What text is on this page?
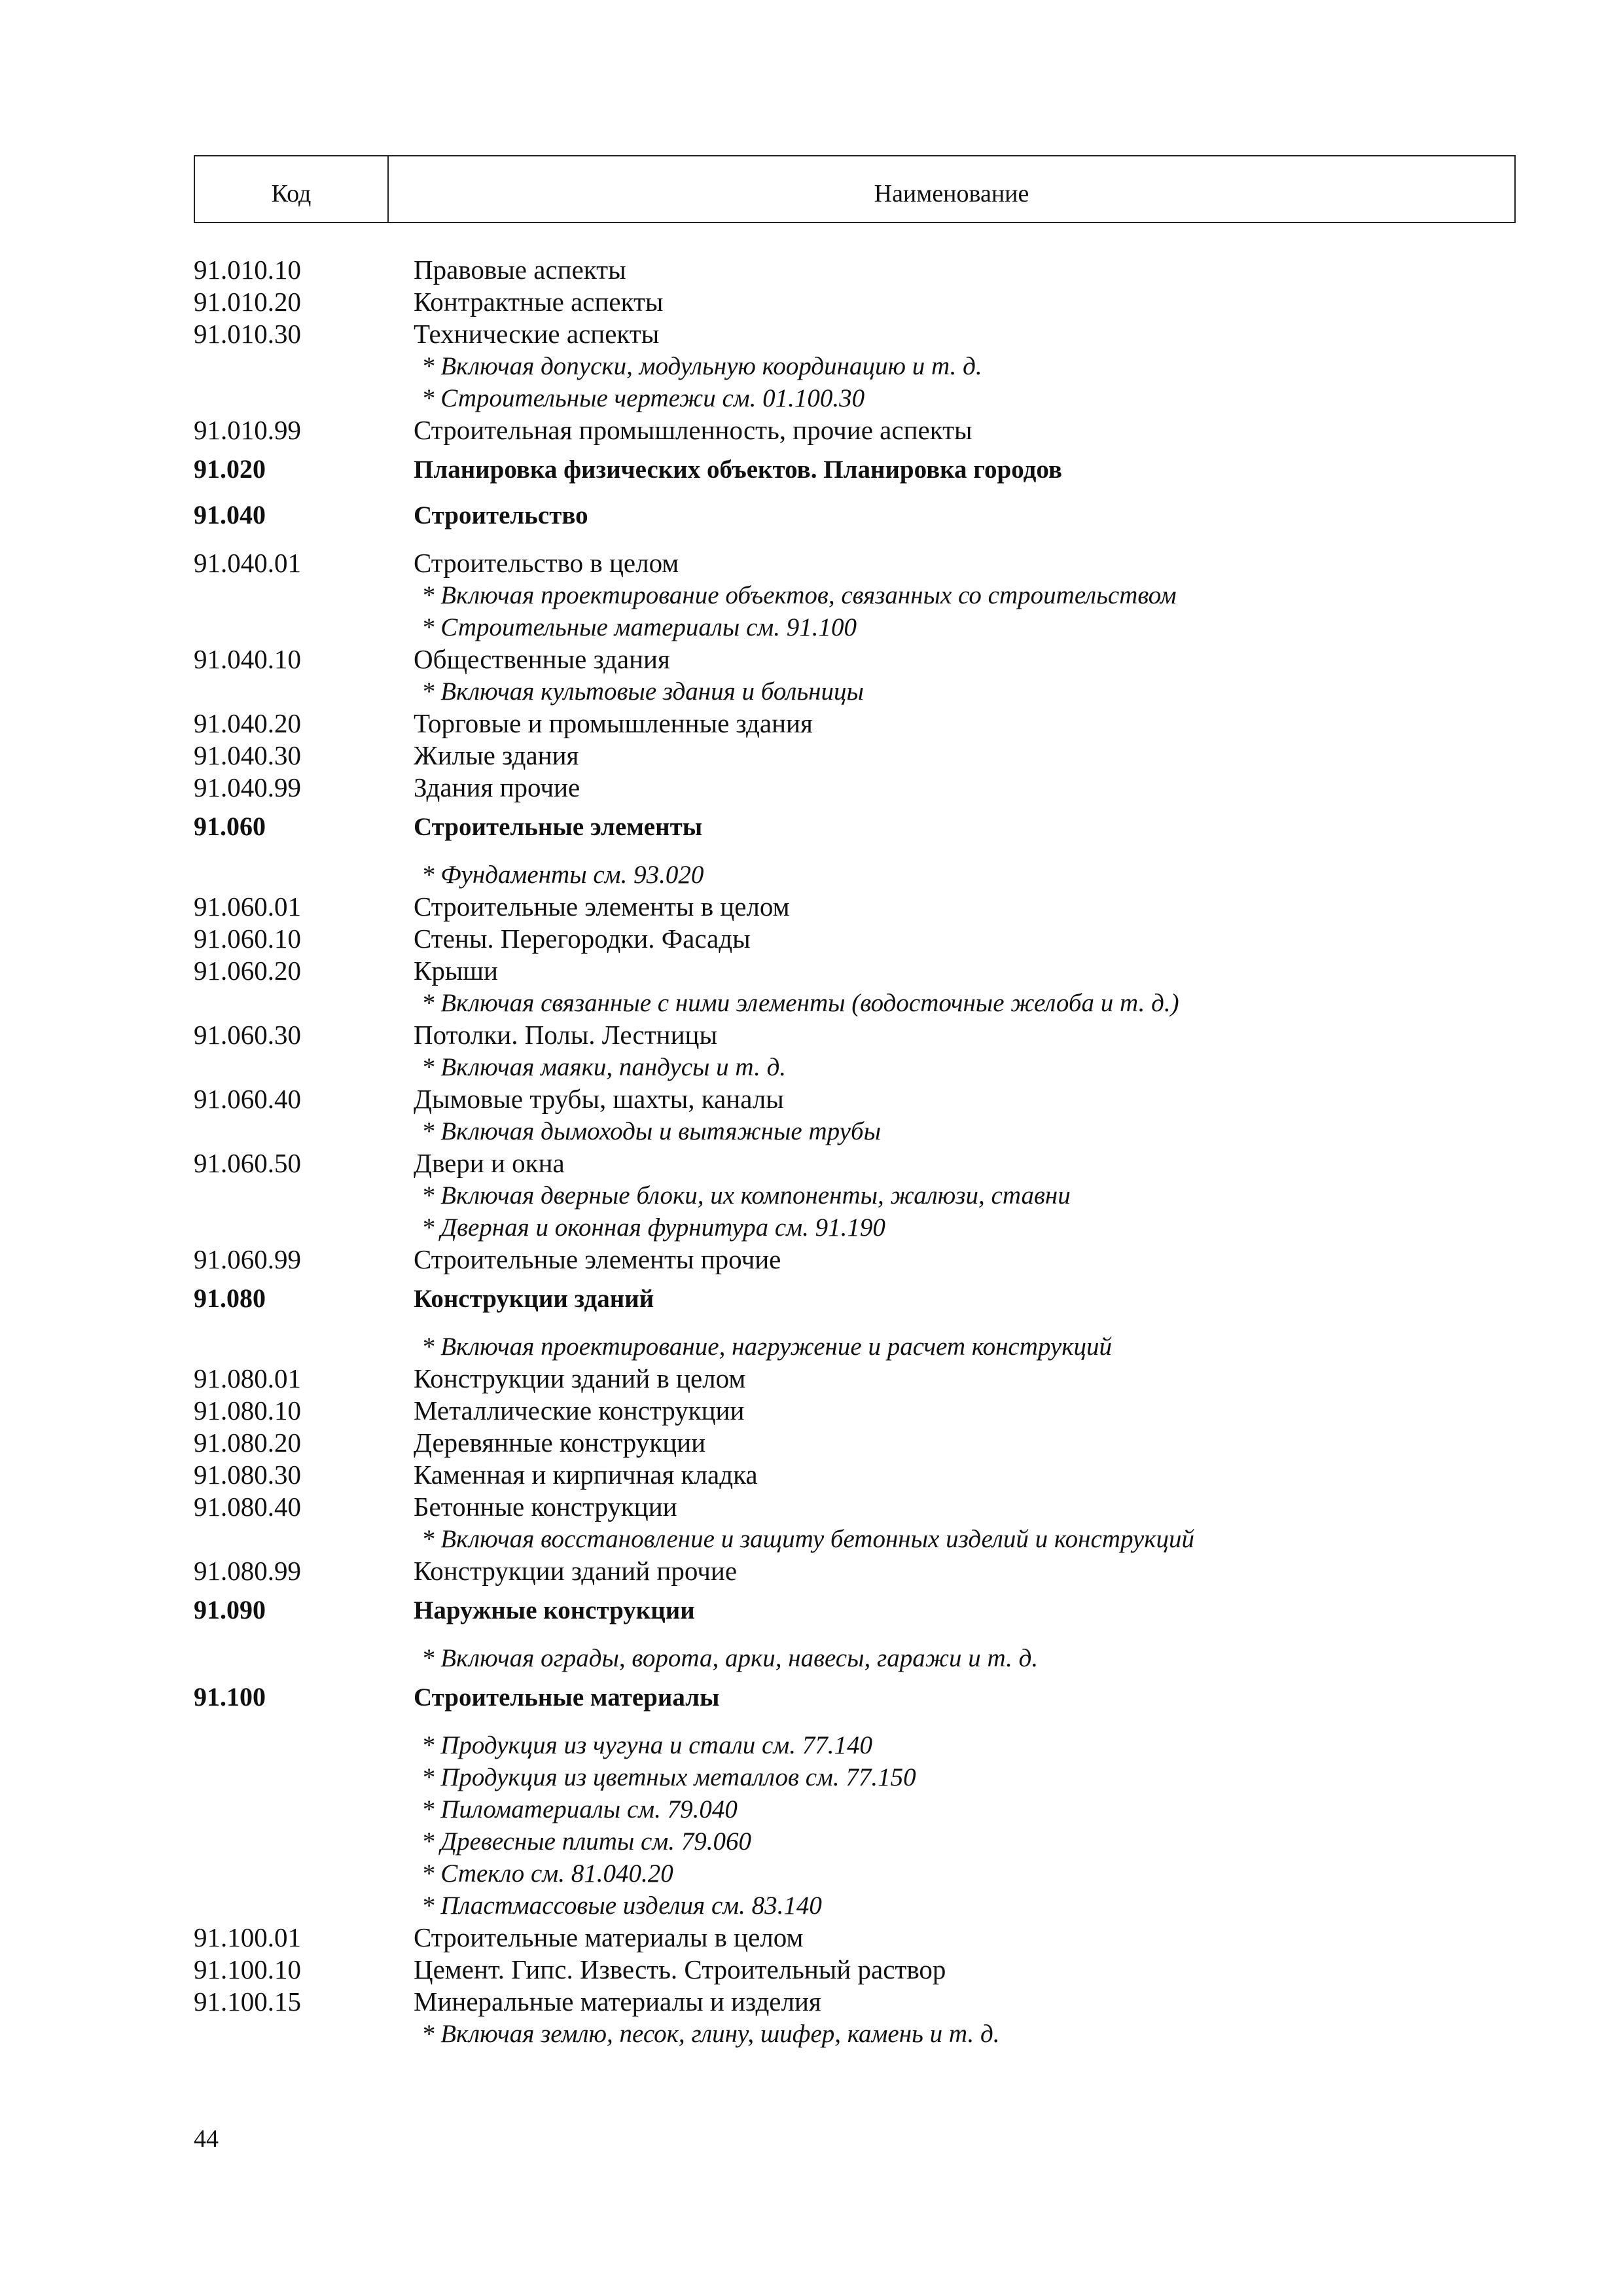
Код	Наименование
91.010.10	Правовые аспекты
91.010.20	Контрактные аспекты
91.010.30	Технические аспекты
* Включая допуски, модульную координацию и т. д.
* Строительные чертежи см. 01.100.30
91.010.99	Строительная промышленность, прочие аспекты
91.020	Планировка физических объектов. Планировка городов
91.040	Строительство
91.040.01	Строительство в целом
* Включая проектирование объектов, связанных со строительством
* Строительные материалы см. 91.100
91.040.10	Общественные здания
* Включая культовые здания и больницы
91.040.20	Торговые и промышленные здания
91.040.30	Жилые здания
91.040.99	Здания прочие
91.060	Строительные элементы
* Фундаменты см. 93.020
91.060.01	Строительные элементы в целом
91.060.10	Стены. Перегородки. Фасады
91.060.20	Крыши
* Включая связанные с ними элементы (водосточные желоба и т. д.)
91.060.30	Потолки. Полы. Лестницы
* Включая маяки, пандусы и т. д.
91.060.40	Дымовые трубы, шахты, каналы
* Включая дымоходы и вытяжные трубы
91.060.50	Двери и окна
* Включая дверные блоки, их компоненты, жалюзи, ставни
* Дверная и оконная фурнитура см. 91.190
91.060.99	Строительные элементы прочие
91.080	Конструкции зданий
* Включая проектирование, нагружение и расчет конструкций
91.080.01	Конструкции зданий в целом
91.080.10	Металлические конструкции
91.080.20	Деревянные конструкции
91.080.30	Каменная и кирпичная кладка
91.080.40	Бетонные конструкции
* Включая восстановление и защиту бетонных изделий и конструкций
91.080.99	Конструкции зданий прочие
91.090	Наружные конструкции
* Включая ограды, ворота, арки, навесы, гаражи и т. д.
91.100	Строительные материалы
* Продукция из чугуна и стали см. 77.140
* Продукция из цветных металлов см. 77.150
* Пиломатериалы см. 79.040
* Древесные плиты см. 79.060
* Стекло см. 81.040.20
* Пластмассовые изделия см. 83.140
91.100.01	Строительные материалы в целом
91.100.10	Цемент. Гипс. Известь. Строительный раствор
91.100.15	Минеральные материалы и изделия
* Включая землю, песок, глину, шифер, камень и т. д.
44
